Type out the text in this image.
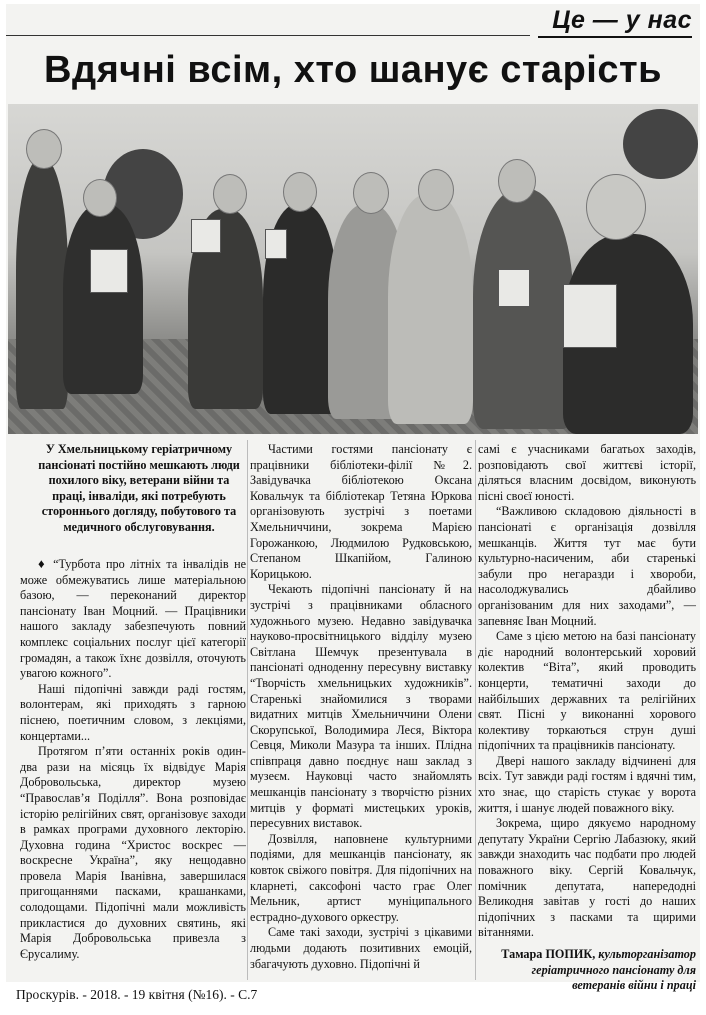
Це — у нас
Вдячні всім, хто шанує старість
У Хмельницькому геріатричному пансіонаті постійно мешкають люди похилого віку, ветерани війни та праці, інваліди, які потребують стороннього догляду, побутового та медичного обслуговування.

♦ “Турбота про літніх та інвалідів не може обмежуватись лише матеріальною базою, — переконаний директор пансіонату Іван Моцний. — Працівники нашого закладу забезпечують повний комплекс соціальних послуг цієї категорії громадян, а також їхнє дозвілля, оточують увагою кожного”.

Наші підопічні завжди раді гостям, волонтерам, які приходять з гарною піснею, поетичним словом, з лекціями, концертами...

Протягом п’яти останніх років один-два рази на місяць їх відвідує Марія Добровольська, директор музею “Православ’я Поділля”. Вона розповідає історію релігійних свят, організовує заходи в рамках програми духовного лекторію. Духовна година “Христос воскрес — воскресне Україна”, яку нещодавно провела Марія Іванівна, завершилася пригощаннями пасками, крашанками, солодощами. Підопічні мали можливість прикластися до духовних святинь, які Марія Добровольська привезла з Єрусалиму.

Частими гостями пансіонату є працівники бібліотеки-філії №2. Завідувачка бібліотекою Оксана Ковальчук та бібліотекар Тетяна Юркова організовують зустрічі з поетами Хмельниччини, зокрема Марією Горожанкою, Людмилою Рудковською, Степаном Шкапійом, Галиною Корицькою.

Чекають підопічні пансіонату й на зустрічі з працівниками обласного художнього музею. Недавно завідувачка науково-просвітницького відділу музею Світлана Шемчук презентувала в пансіонаті одноденну пересувну виставку “Творчість хмельницьких художників”. Старенькі знайомилися з творами видатних митців Хмельниччини Олени Скорупської, Володимира Леся, Віктора Севця, Миколи Мазура та інших. Плідна співпраця давно поєднує наш заклад з музеєм. Науковці часто знайомлять мешканців пансіонату з творчістю різних митців у форматі мистецьких уроків, пересувних виставок.

Дозвілля, наповнене культурними подіями, для мешканців пансіонату, як ковток свіжого повітря. Для підопічних на кларнеті, саксофоні часто грає Олег Мельник, артист муніципального естрадно-духового оркестру.

Саме такі заходи, зустрічі з цікавими людьми додають позитивних емоцій, збагачують духовно. Підопічні й

самі є учасниками багатьох заходів, розповідають свої життєві історії, діляться власним досвідом, виконують пісні своєї юності.

“Важливою складовою діяльності в пансіонаті є організація дозвілля мешканців. Життя тут має бути культурно-насиченим, аби старенькі забули про негаразди і хвороби, насолоджувались дбайливо організованим для них заходами”, — запевняє Іван Моцний.

Саме з цією метою на базі пансіонату діє народний волонтерський хоровий колектив “Віта”, який проводить концерти, тематичні заходи до найбільших державних та релігійних свят. Пісні у виконанні хорового колективу торкаються струн душі підопічних та працівників пансіонату.

Двері нашого закладу відчинені для всіх. Тут завжди раді гостям і вдячні тим, хто знає, що старість стукає у ворота життя, і шанує людей поважного віку.

Зокрема, щиро дякуємо народному депутату України Сергію Лабазюку, який завжди знаходить час подбати про людей поважного віку. Сергій Ковальчук, помічник депутата, напередодні Великодня завітав у гості до наших підопічних з пасками та щирими вітаннями.

Тамара ПОПИК, культорганізатор геріатричного пансіонату для ветеранів війни і праці
Проскурів. - 2018. - 19 квітня (№16). - С.7
